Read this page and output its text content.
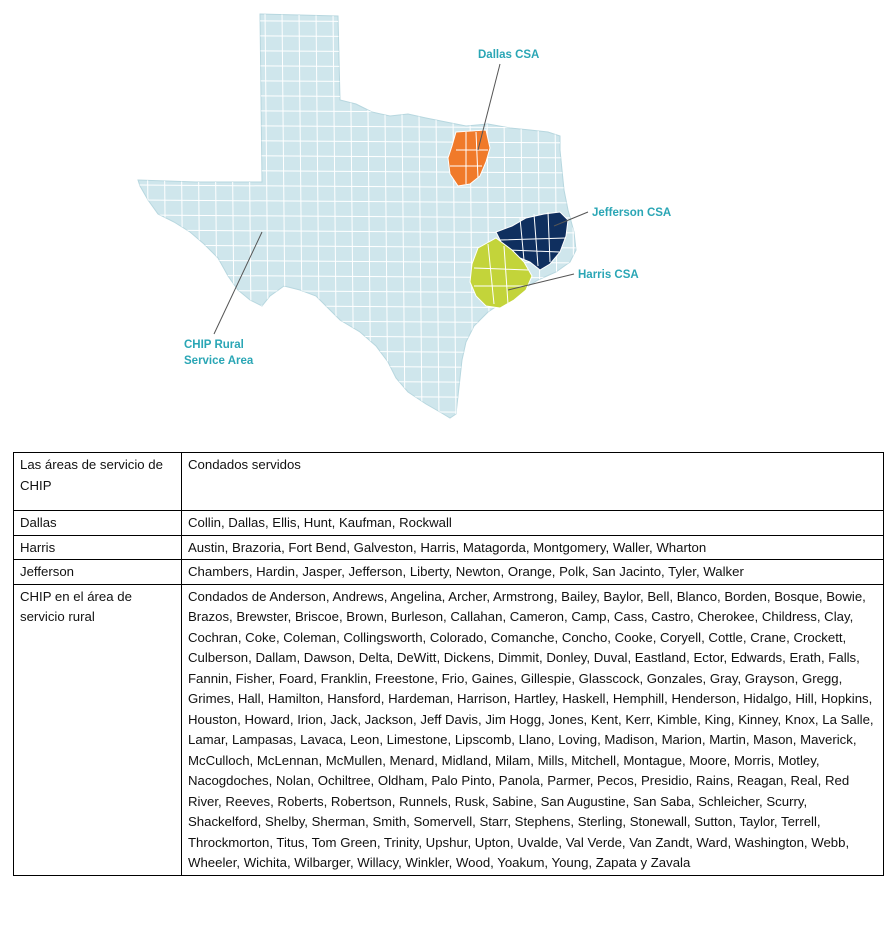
Dallas CSA
Jefferson CSA
Harris CSA
CHIP Rural
Service Area
Las áreas de servicio de CHIP	Condados servidos
Dallas	Collin, Dallas, Ellis, Hunt, Kaufman, Rockwall
Harris	Austin, Brazoria, Fort Bend, Galveston, Harris, Matagorda, Montgomery, Waller, Wharton
Jefferson	Chambers, Hardin, Jasper, Jefferson, Liberty, Newton, Orange, Polk, San Jacinto, Tyler, Walker
CHIP en el área de servicio rural	Condados de Anderson, Andrews, Angelina, Archer, Armstrong, Bailey, Baylor, Bell, Blanco, Borden, Bosque, Bowie, Brazos, Brewster, Briscoe, Brown, Burleson, Callahan, Cameron, Camp, Cass, Castro, Cherokee, Childress, Clay, Cochran, Coke, Coleman, Collingsworth, Colorado, Comanche, Concho, Cooke, Coryell, Cottle, Crane, Crockett, Culberson, Dallam, Dawson, Delta, DeWitt, Dickens, Dimmit, Donley, Duval, Eastland, Ector, Edwards, Erath, Falls, Fannin, Fisher, Foard, Franklin, Freestone, Frio, Gaines, Gillespie, Glasscock, Gonzales, Gray, Grayson, Gregg, Grimes, Hall, Hamilton, Hansford, Hardeman, Harrison, Hartley, Haskell, Hemphill, Henderson, Hidalgo, Hill, Hopkins, Houston, Howard, Irion, Jack, Jackson, Jeff Davis, Jim Hogg, Jones, Kent, Kerr, Kimble, King, Kinney, Knox, La Salle, Lamar, Lampasas, Lavaca, Leon, Limestone, Lipscomb, Llano, Loving, Madison, Marion, Martin, Mason, Maverick, McCulloch, McLennan, McMullen, Menard, Midland, Milam, Mills, Mitchell, Montague, Moore, Morris, Motley, Nacogdoches, Nolan, Ochiltree, Oldham, Palo Pinto, Panola, Parmer, Pecos, Presidio, Rains, Reagan, Real, Red River, Reeves, Roberts, Robertson, Runnels, Rusk, Sabine, San Augustine, San Saba, Schleicher, Scurry, Shackelford, Shelby, Sherman, Smith, Somervell, Starr, Stephens, Sterling, Stonewall, Sutton, Taylor, Terrell, Throckmorton, Titus, Tom Green, Trinity, Upshur, Upton, Uvalde, Val Verde, Van Zandt, Ward, Washington, Webb, Wheeler, Wichita, Wilbarger, Willacy, Winkler, Wood, Yoakum, Young, Zapata y Zavala
